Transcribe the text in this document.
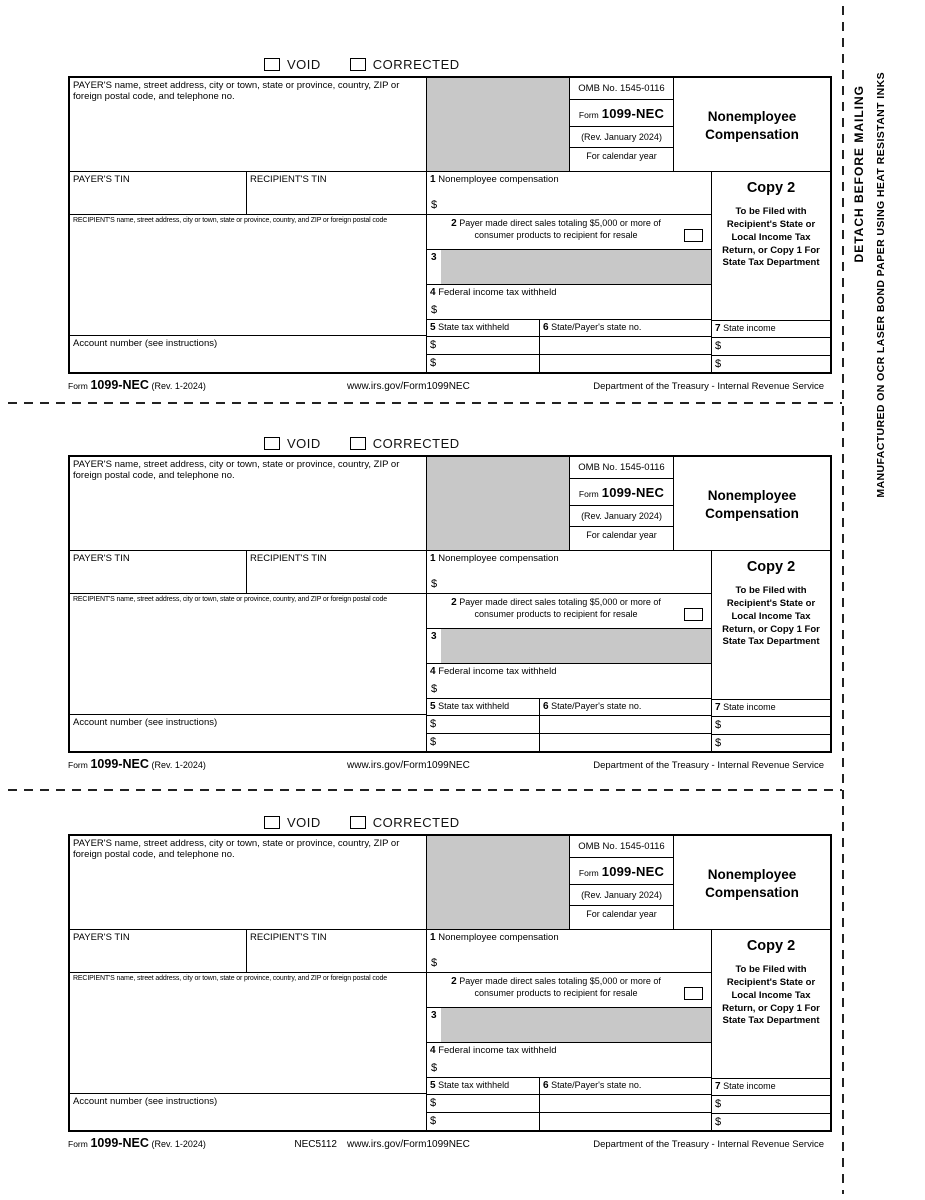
VOID	CORRECTED
PAYER'S name, street address, city or town, state or province, country, ZIP or foreign postal code, and telephone no.
OMB No. 1545-0116
Form 1099-NEC
(Rev. January 2024)
For calendar year
Nonemployee Compensation
PAYER'S TIN	RECIPIENT'S TIN	1 Nonemployee compensation
$
Copy 2
To be Filed with Recipient's State or Local Income Tax Return, or Copy 1 For State Tax Department
RECIPIENT'S name, street address, city or town, state or province, country, and ZIP or foreign postal code	2 Payer made direct sales totaling $5,000 or more of consumer products to recipient for resale
3
4 Federal income tax withheld
$
5 State tax withheld
$
$
6 State/Payer's state no.	7 State income
$
$
Account number (see instructions)
Form 1099-NEC (Rev. 1-2024)	www.irs.gov/Form1099NEC	Department of the Treasury - Internal Revenue Service
VOID	CORRECTED
PAYER'S name, street address, city or town, state or province, country, ZIP or foreign postal code, and telephone no.
OMB No. 1545-0116
Form 1099-NEC
(Rev. January 2024)
For calendar year
Nonemployee Compensation
PAYER'S TIN	RECIPIENT'S TIN	1 Nonemployee compensation
$
Copy 2
To be Filed with Recipient's State or Local Income Tax Return, or Copy 1 For State Tax Department
RECIPIENT'S name, street address, city or town, state or province, country, and ZIP or foreign postal code	2 Payer made direct sales totaling $5,000 or more of consumer products to recipient for resale
3
4 Federal income tax withheld
$
5 State tax withheld
$
$
6 State/Payer's state no.	7 State income
$
$
Account number (see instructions)
Form 1099-NEC (Rev. 1-2024)	www.irs.gov/Form1099NEC	Department of the Treasury - Internal Revenue Service
VOID	CORRECTED
PAYER'S name, street address, city or town, state or province, country, ZIP or foreign postal code, and telephone no.
OMB No. 1545-0116
Form 1099-NEC
(Rev. January 2024)
For calendar year
Nonemployee Compensation
PAYER'S TIN	RECIPIENT'S TIN	1 Nonemployee compensation
$
Copy 2
To be Filed with Recipient's State or Local Income Tax Return, or Copy 1 For State Tax Department
RECIPIENT'S name, street address, city or town, state or province, country, and ZIP or foreign postal code	2 Payer made direct sales totaling $5,000 or more of consumer products to recipient for resale
3
4 Federal income tax withheld
$
5 State tax withheld
$
$
6 State/Payer's state no.	7 State income
$
$
Account number (see instructions)
Form 1099-NEC (Rev. 1-2024)	NEC5112 www.irs.gov/Form1099NEC	Department of the Treasury - Internal Revenue Service
DETACH BEFORE MAILING MANUFACTURED ON OCR LASER BOND PAPER USING HEAT RESISTANT INKS
